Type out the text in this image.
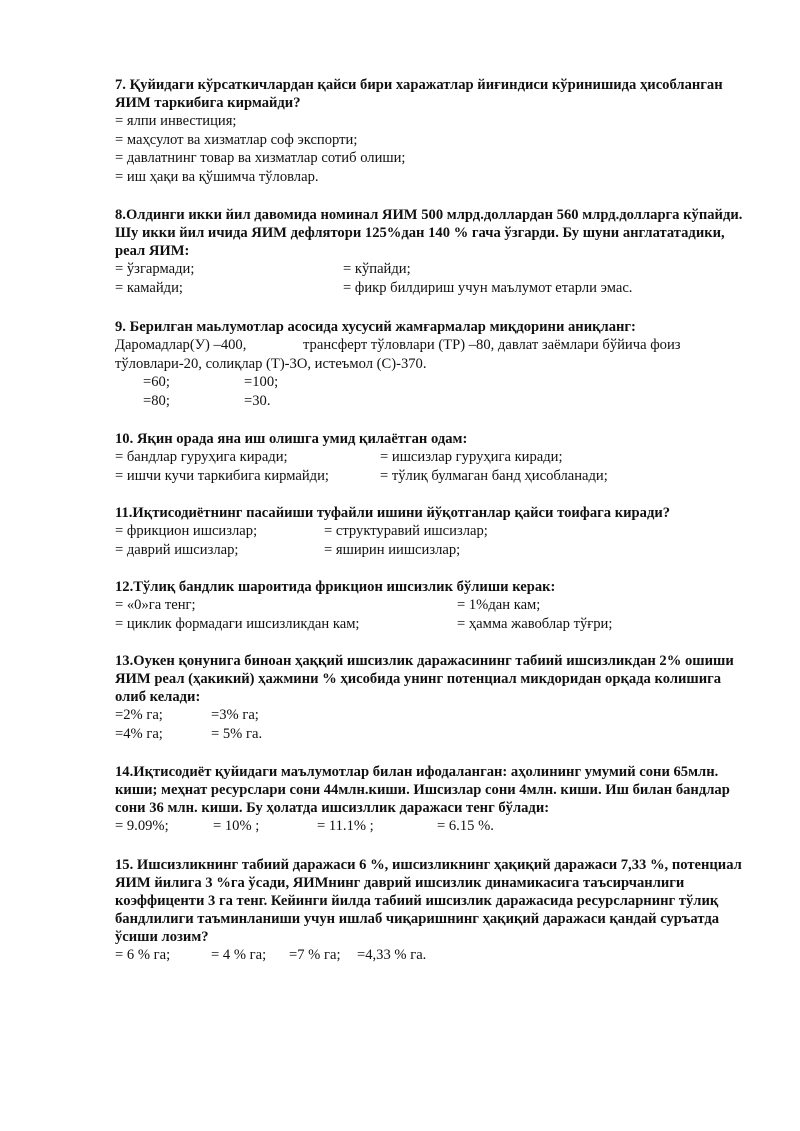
7. Қуйидаги кўрсаткичлардан қайси бири харажатлар йиғиндиси кўринишида ҳисобланган ЯИМ таркибига кирмайди?

= ялпи инвестиция;
= маҳсулот ва хизматлар соф экспорти;
= давлатнинг товар ва хизматлар сотиб олиши;
= иш ҳақи ва қўшимча тўловлар.

8.Олдинги икки йил давомида номинал ЯИМ 500 млрд.доллардан 560 млрд.долларга кўпайди. Шу икки йил ичида ЯИМ дефлятори 125%дан 140 % гача ўзгарди. Бу шуни англататадики, реал ЯИМ:

= ўзгармади;	= кўпайди;
= камайди;	= фикр билдириш учун маълумот етарли эмас.

9. Берилган маьлумотлар асосида хусусий жамғармалар миқдорини аниқланг:

Даромадлар(У) –400,	трансферт тўловлари (ТР) –80, давлат заёмлари бўйича фоиз

тўловлари-20, солиқлар (Т)-3О, истеъмол (С)-370.

=60;	=100;
=80;	=30.

10. Яқин орада яна иш олишга умид қилаётган одам:

= бандлар гуруҳига киради;	= ишсизлар гуруҳига киради;
= ишчи кучи таркибига кирмайди;	= тўлиқ булмаган банд ҳисобланади;

11.Иқтисодиётнинг пасайиши туфайли ишини йўқотганлар қайси тоифага киради?

= фрикцион ишсизлар;	= структуравий ишсизлар;
= даврий ишсизлар;	= яширин иишсизлар;

12.Тўлиқ бандлик шароитида фрикцион ишсизлик бўлиши керак:

= «0»га тенг;	= 1%дан кам;
= циклик формадаги ишсизликдан кам;	= ҳамма жавоблар тўғри;

13.Оукен қонунига биноан ҳаққий ишсизлик даражасининг табиий ишсизликдан 2% ошиши ЯИМ реал (ҳакикий) ҳажмини % ҳисобида унинг потенциал микдоридан орқада колишига олиб келади:

=2% га;	=3% га;
=4% га;	= 5% га.

14.Иқтисодиёт қуйидаги маълумотлар билан ифодаланган: аҳолининг умумий сони 65млн. киши; меҳнат ресурслари сони 44млн.киши. Ишсизлар сони 4млн. киши. Иш билан бандлар сони 36 млн. киши. Бу ҳолатда ишсизллик даражаси тенг бўлади:

= 9.09%;	= 10% ;	= 11.1% ;	= 6.15 %.

15. Ишсизликнинг табиий даражаси 6 %, ишсизликнинг ҳақиқий даражаси 7,33 %, потенциал ЯИМ йилига 3 %га ўсади, ЯИМнинг даврий ишсизлик динамикасига таъсирчанлиги коэффиценти 3 га тенг. Кейинги йилда табиий ишсизлик даражасида ресурсларнинг тўлиқ бандлилиги таъминланиши учун ишлаб чиқаришнинг ҳақиқий даражаси қандай суръатда ўсиши лозим?

= 6 % га;	= 4 % га;	=7 % га;	=4,33 % га.
